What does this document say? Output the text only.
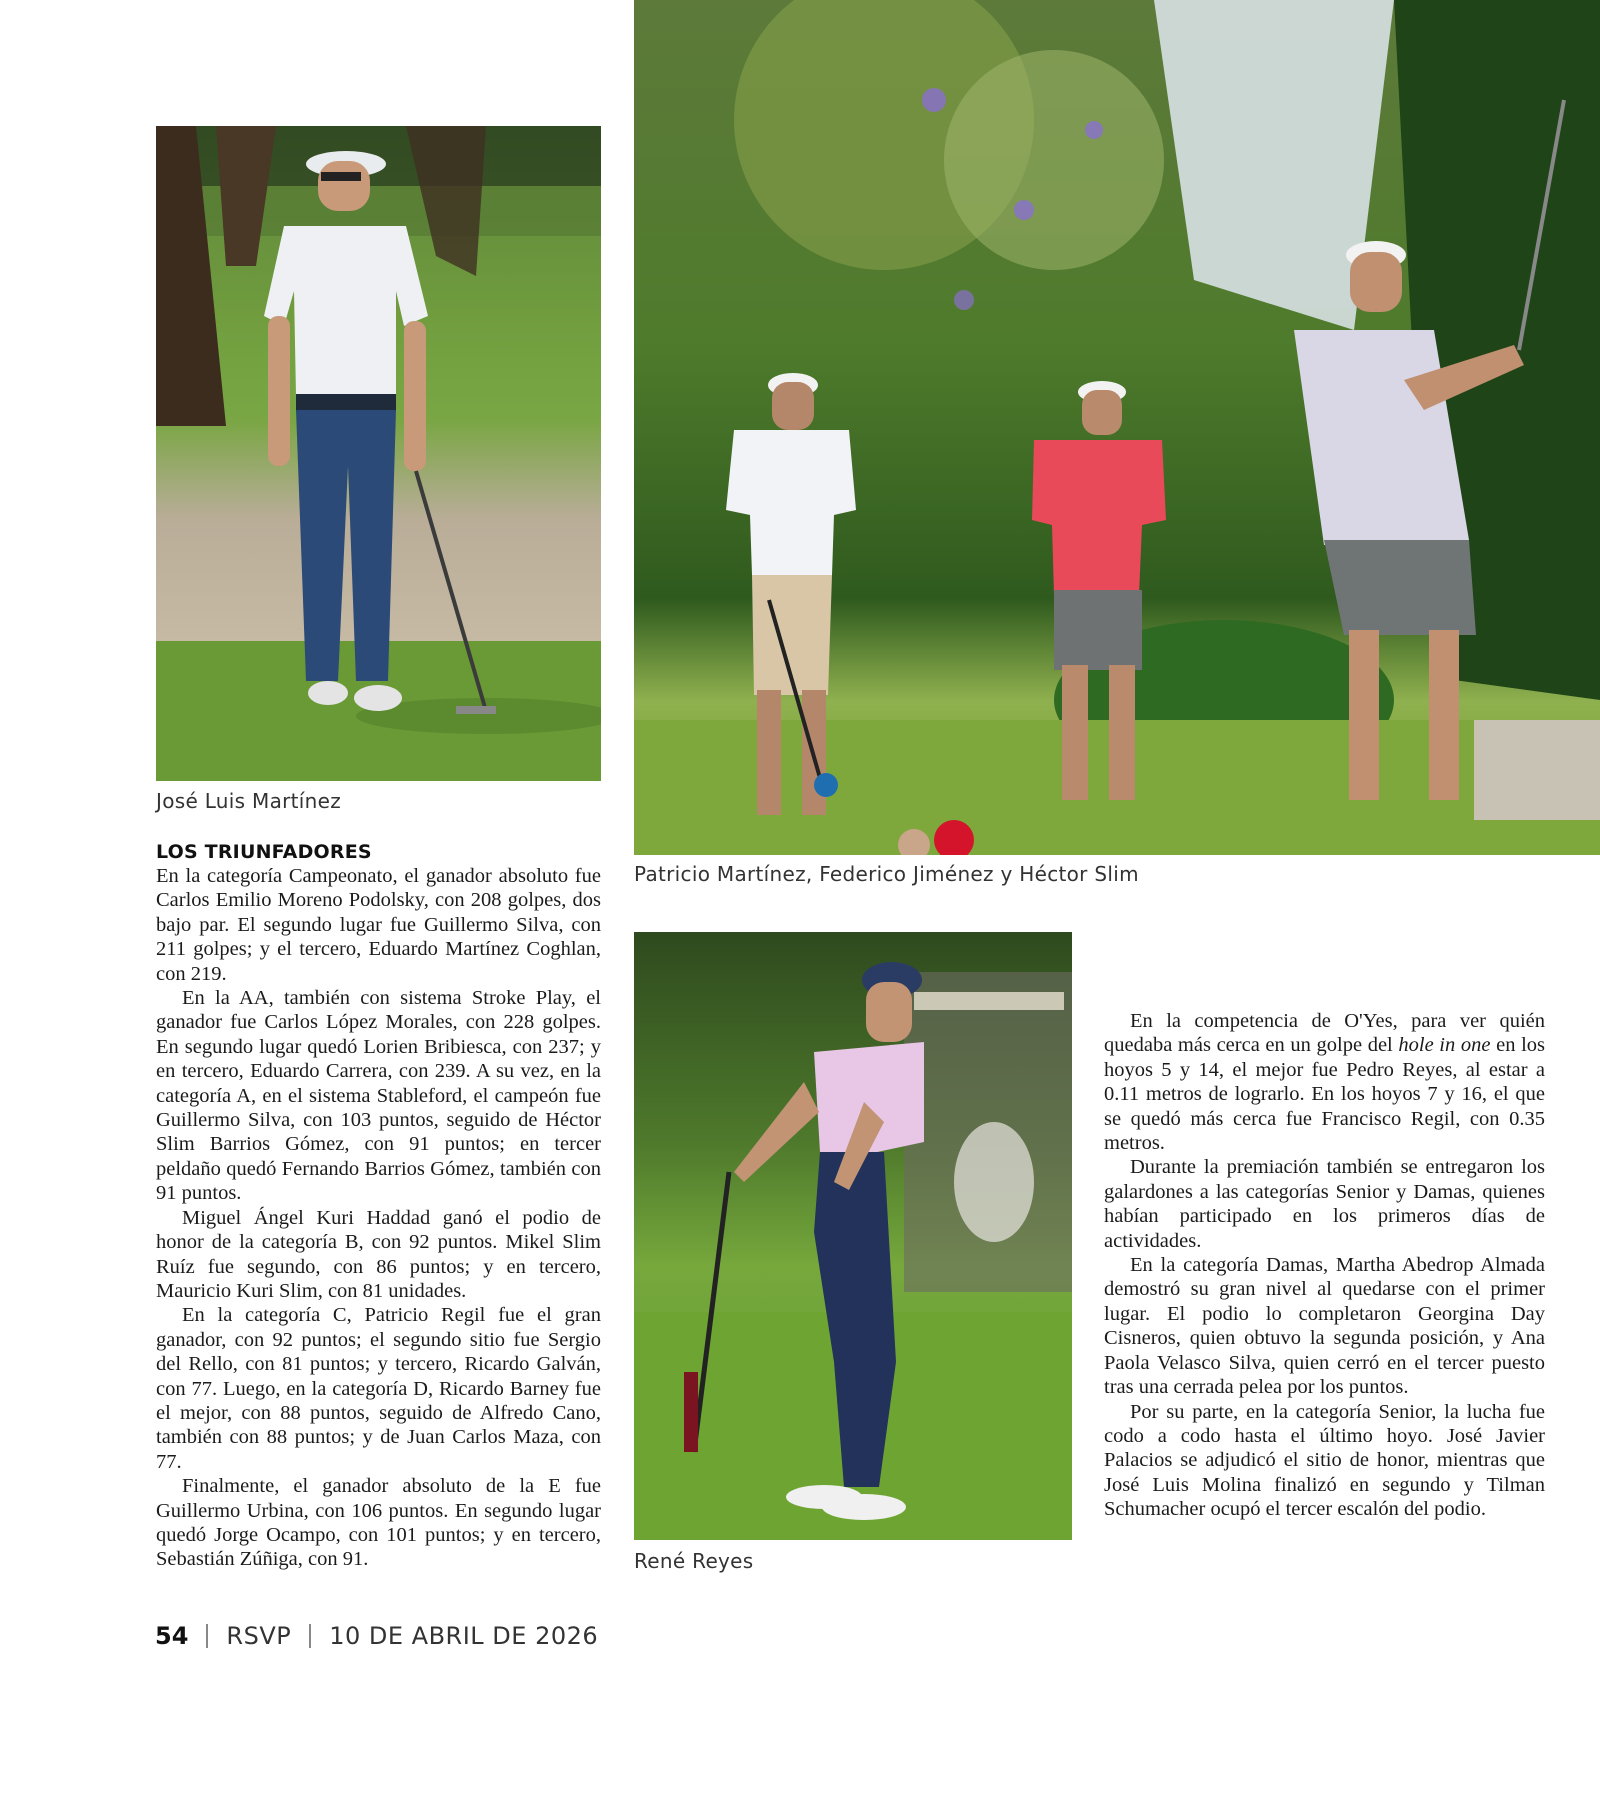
José Luis Martínez
Patricio Martínez, Federico Jiménez y Héctor Slim
René Reyes
LOS TRIUNFADORES

En la categoría Campeonato, el ganador absoluto fue Carlos Emilio Moreno Podolsky, con 208 golpes, dos bajo par. El segundo lugar fue Guillermo Silva, con 211 golpes; y el tercero, Eduardo Martínez Coghlan, con 219.

En la AA, también con sistema Stroke Play, el ganador fue Carlos López Morales, con 228 golpes. En segundo lugar quedó Lorien Bribiesca, con 237; y en tercero, Eduardo Carrera, con 239. A su vez, en la categoría A, en el sistema Stableford, el campeón fue Guillermo Silva, con 103 puntos, seguido de Héctor Slim Barrios Gómez, con 91 puntos; en tercer peldaño quedó Fernando Barrios Gómez, también con 91 puntos.

Miguel Ángel Kuri Haddad ganó el podio de honor de la categoría B, con 92 puntos. Mikel Slim Ruíz fue segundo, con 86 puntos; y en tercero, Mauricio Kuri Slim, con 81 unidades.

En la categoría C, Patricio Regil fue el gran ganador, con 92 puntos; el segundo sitio fue Sergio del Rello, con 81 puntos; y tercero, Ricardo Galván, con 77. Luego, en la categoría D, Ricardo Barney fue el mejor, con 88 puntos, seguido de Alfredo Cano, también con 88 puntos; y de Juan Carlos Maza, con 77.

Finalmente, el ganador absoluto de la E fue Guillermo Urbina, con 106 puntos. En segundo lugar quedó Jorge Ocampo, con 101 puntos; y en tercero, Sebastián Zúñiga, con 91.

En la competencia de O'Yes, para ver quién quedaba más cerca en un golpe del hole in one en los hoyos 5 y 14, el mejor fue Pedro Reyes, al estar a 0.11 metros de lograrlo. En los hoyos 7 y 16, el que se quedó más cerca fue Francisco Regil, con 0.35 metros.

Durante la premiación también se entregaron los galardones a las categorías Senior y Damas, quienes habían participado en los primeros días de actividades.

En la categoría Damas, Martha Abedrop Almada demostró su gran nivel al quedarse con el primer lugar. El podio lo completaron Georgina Day Cisneros, quien obtuvo la segunda posición, y Ana Paola Velasco Silva, quien cerró en el tercer puesto tras una cerrada pelea por los puntos.

Por su parte, en la categoría Senior, la lucha fue codo a codo hasta el último hoyo. José Javier Palacios se adjudicó el sitio de honor, mientras que José Luis Molina finalizó en segundo y Tilman Schumacher ocupó el tercer escalón del podio.

54 RSVP 10 DE ABRIL DE 2026
